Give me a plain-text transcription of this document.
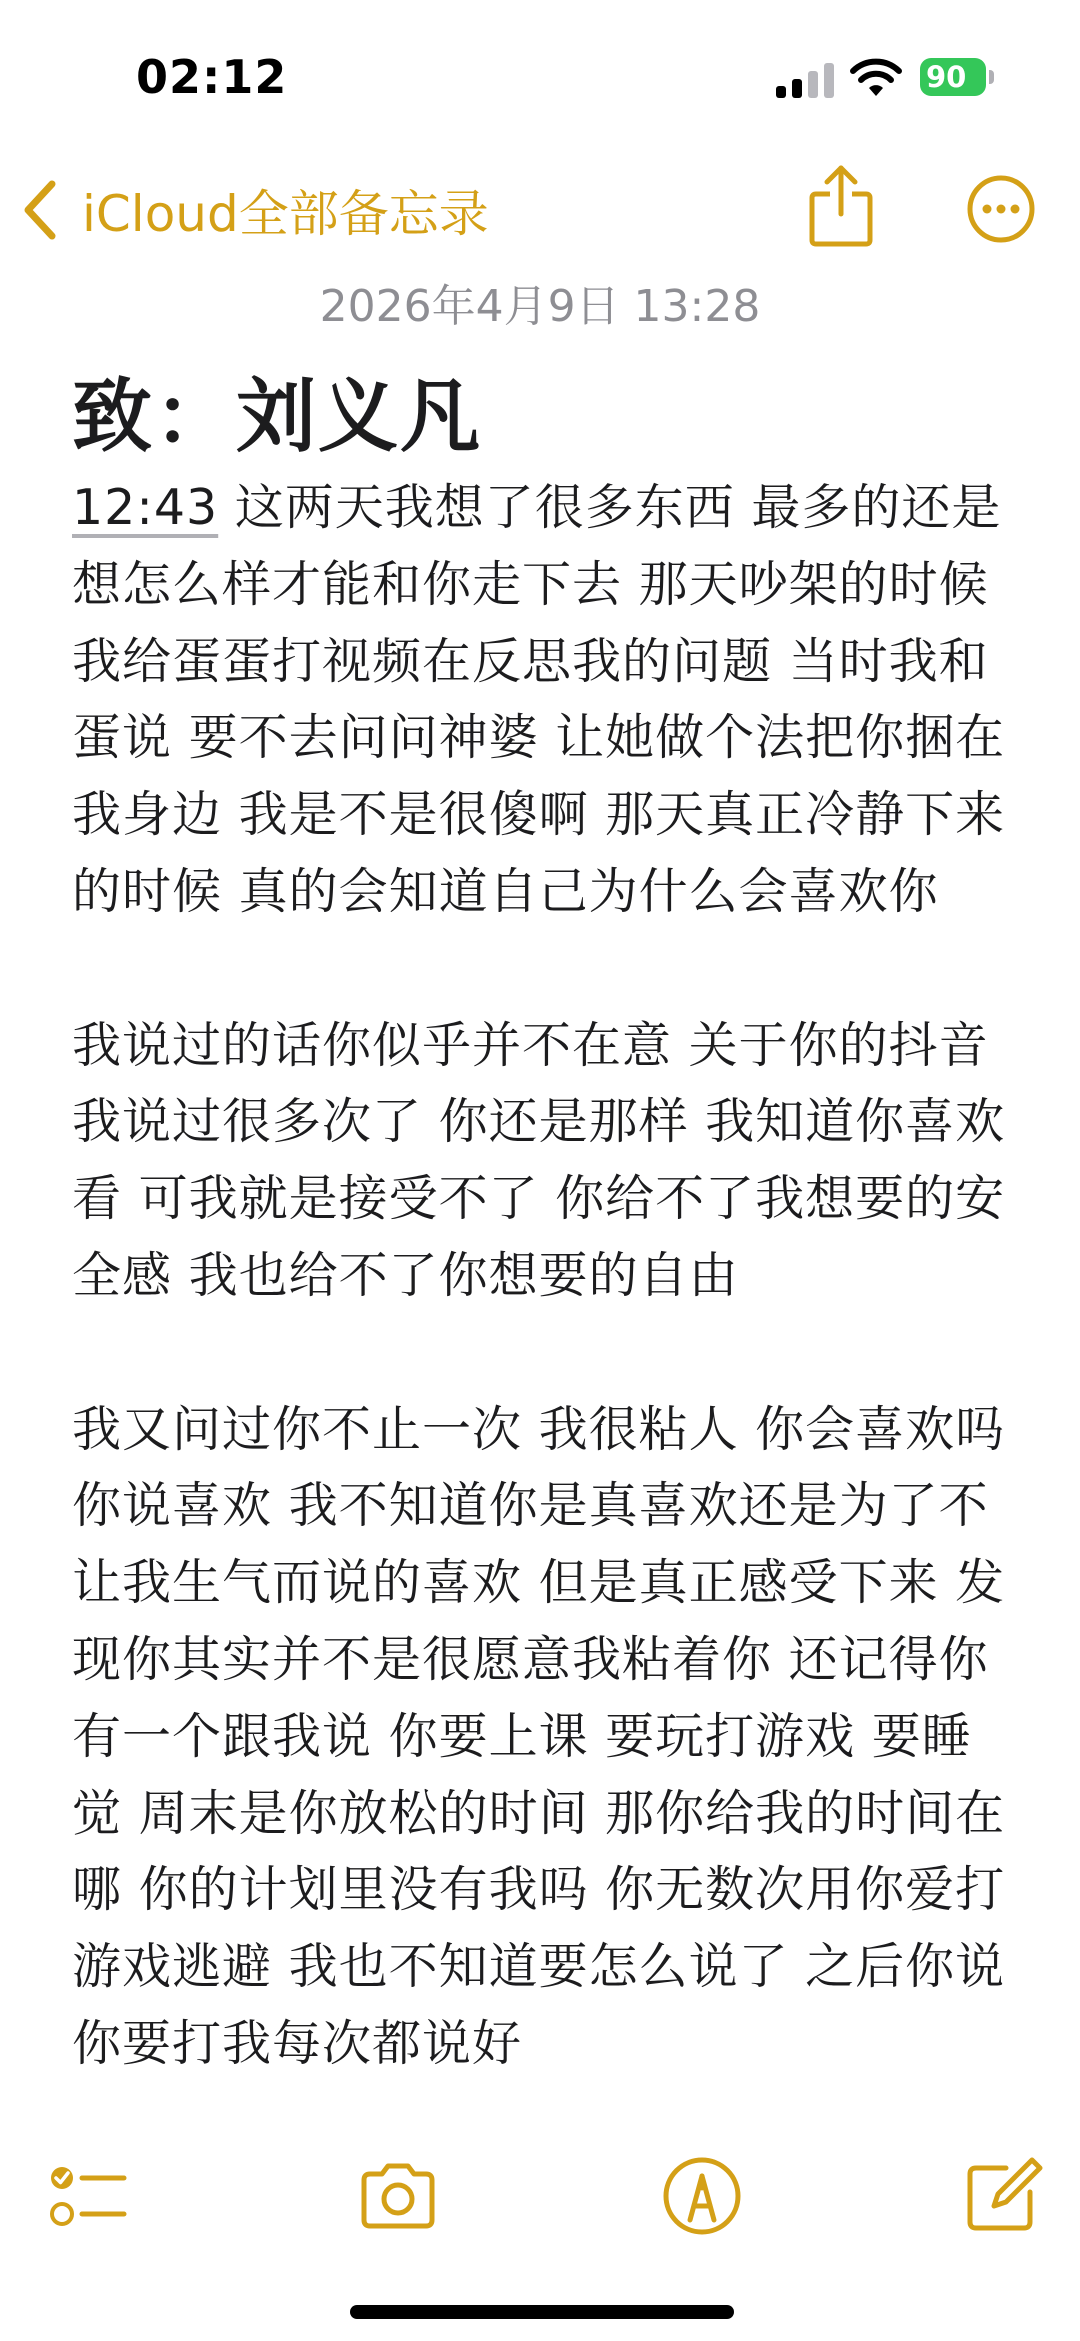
02:12	90
iCloud全部备忘录
2026年4月9日 13:28
致：刘义凡

12:43 这两天我想了很多东西 最多的还是想怎么样才能和你走下去 那天吵架的时候我给蛋蛋打视频在反思我的问题 当时我和蛋说 要不去问问神婆 让她做个法把你捆在我身边 我是不是很傻啊 那天真正冷静下来的时候 真的会知道自己为什么会喜欢你

我说过的话你似乎并不在意 关于你的抖音我说过很多次了 你还是那样 我知道你喜欢看 可我就是接受不了 你给不了我想要的安全感 我也给不了你想要的自由

我又问过你不止一次 我很粘人 你会喜欢吗 你说喜欢 我不知道你是真喜欢还是为了不让我生气而说的喜欢 但是真正感受下来 发现你其实并不是很愿意我粘着你 还记得你有一个跟我说 你要上课 要玩打游戏 要睡觉 周末是你放松的时间 那你给我的时间在哪 你的计划里没有我吗 你无数次用你爱打游戏逃避 我也不知道要怎么说了 之后你说你要打我每次都说好
